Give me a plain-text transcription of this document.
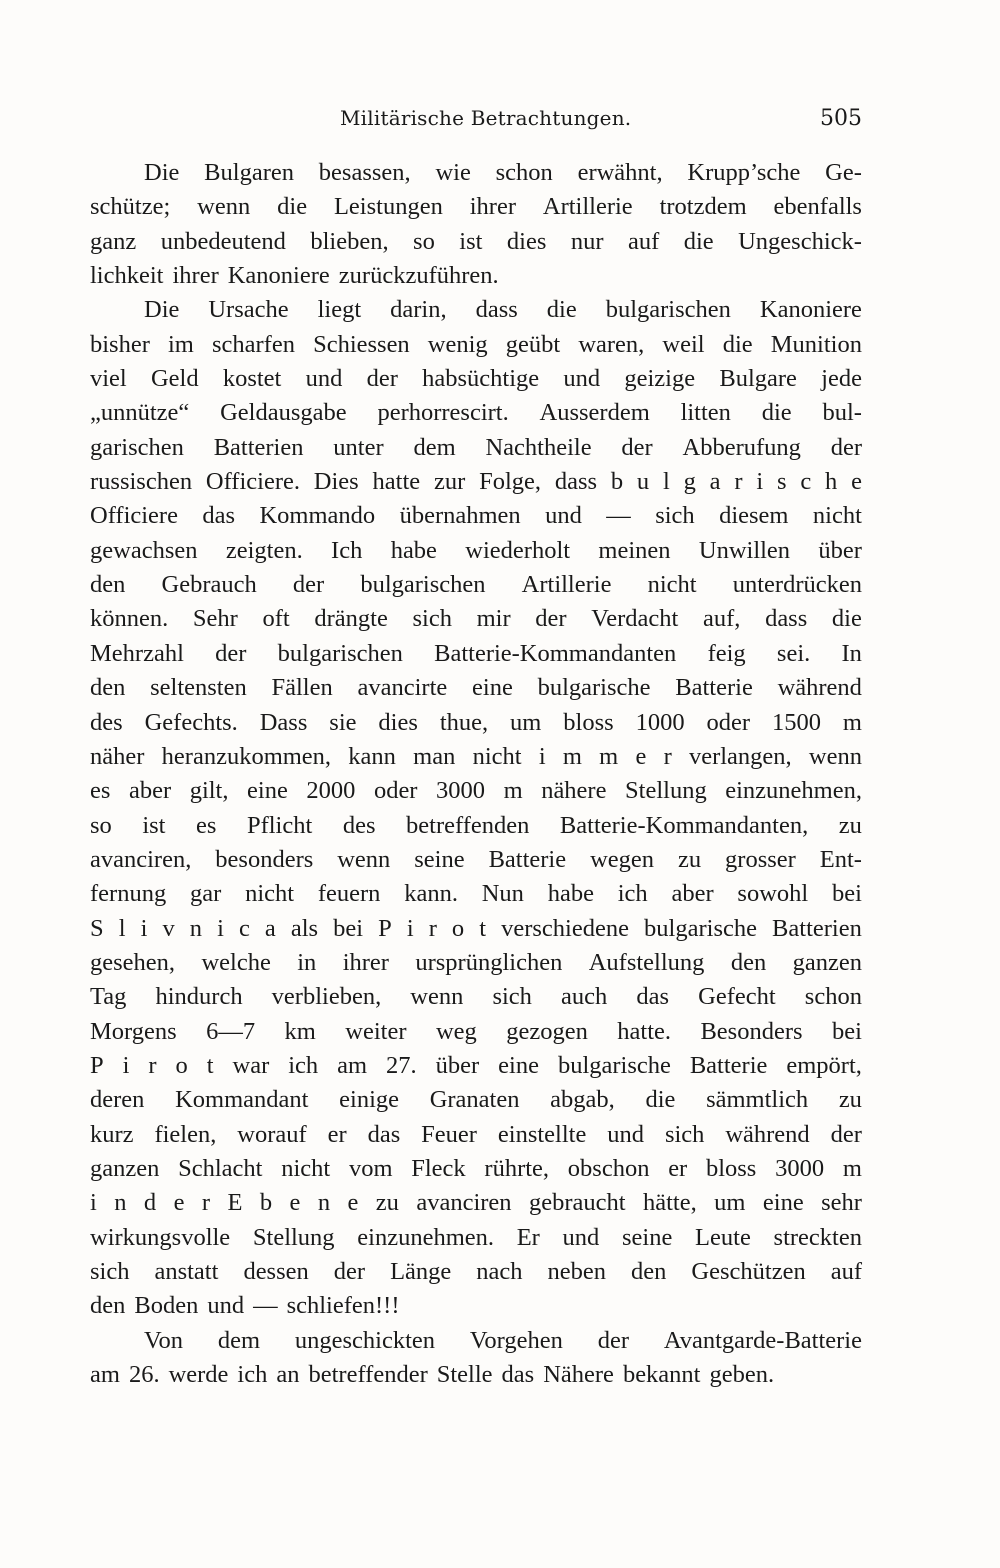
Militärische Betrachtungen.	505
Die Bulgaren besassen, wie schon erwähnt, Krupp’sche Ge-
schütze; wenn die Leistungen ihrer Artillerie trotzdem ebenfalls
ganz unbedeutend blieben, so ist dies nur auf die Ungeschick-
lichkeit ihrer Kanoniere zurückzuführen.
Die Ursache liegt darin, dass die bulgarischen Kanoniere
bisher im scharfen Schiessen wenig geübt waren, weil die Munition
viel Geld kostet und der habsüchtige und geizige Bulgare jede
„unnütze“ Geldausgabe perhorrescirt. Ausserdem litten die bul-
garischen Batterien unter dem Nachtheile der Abberufung der
russischen Officiere. Dies hatte zur Folge, dass b u l g a r i s c h e
Officiere das Kommando übernahmen und — sich diesem nicht
gewachsen zeigten. Ich habe wiederholt meinen Unwillen über
den Gebrauch der bulgarischen Artillerie nicht unterdrücken
können. Sehr oft drängte sich mir der Verdacht auf, dass die
Mehrzahl der bulgarischen Batterie-Kommandanten feig sei. In
den seltensten Fällen avancirte eine bulgarische Batterie während
des Gefechts. Dass sie dies thue, um bloss 1000 oder 1500 m
näher heranzukommen, kann man nicht i m m e r verlangen, wenn
es aber gilt, eine 2000 oder 3000 m nähere Stellung einzunehmen,
so ist es Pflicht des betreffenden Batterie-Kommandanten, zu
avanciren, besonders wenn seine Batterie wegen zu grosser Ent-
fernung gar nicht feuern kann. Nun habe ich aber sowohl bei
S l i v n i c a als bei P i r o t verschiedene bulgarische Batterien
gesehen, welche in ihrer ursprünglichen Aufstellung den ganzen
Tag hindurch verblieben, wenn sich auch das Gefecht schon
Morgens 6—7 km weiter weg gezogen hatte. Besonders bei
P i r o t war ich am 27. über eine bulgarische Batterie empört,
deren Kommandant einige Granaten abgab, die sämmtlich zu
kurz fielen, worauf er das Feuer einstellte und sich während der
ganzen Schlacht nicht vom Fleck rührte, obschon er bloss 3000 m
i n d e r E b e n e zu avanciren gebraucht hätte, um eine sehr
wirkungsvolle Stellung einzunehmen. Er und seine Leute streckten
sich anstatt dessen der Länge nach neben den Geschützen auf
den Boden und — schliefen!!!
Von dem ungeschickten Vorgehen der Avantgarde-Batterie
am 26. werde ich an betreffender Stelle das Nähere bekannt geben.
